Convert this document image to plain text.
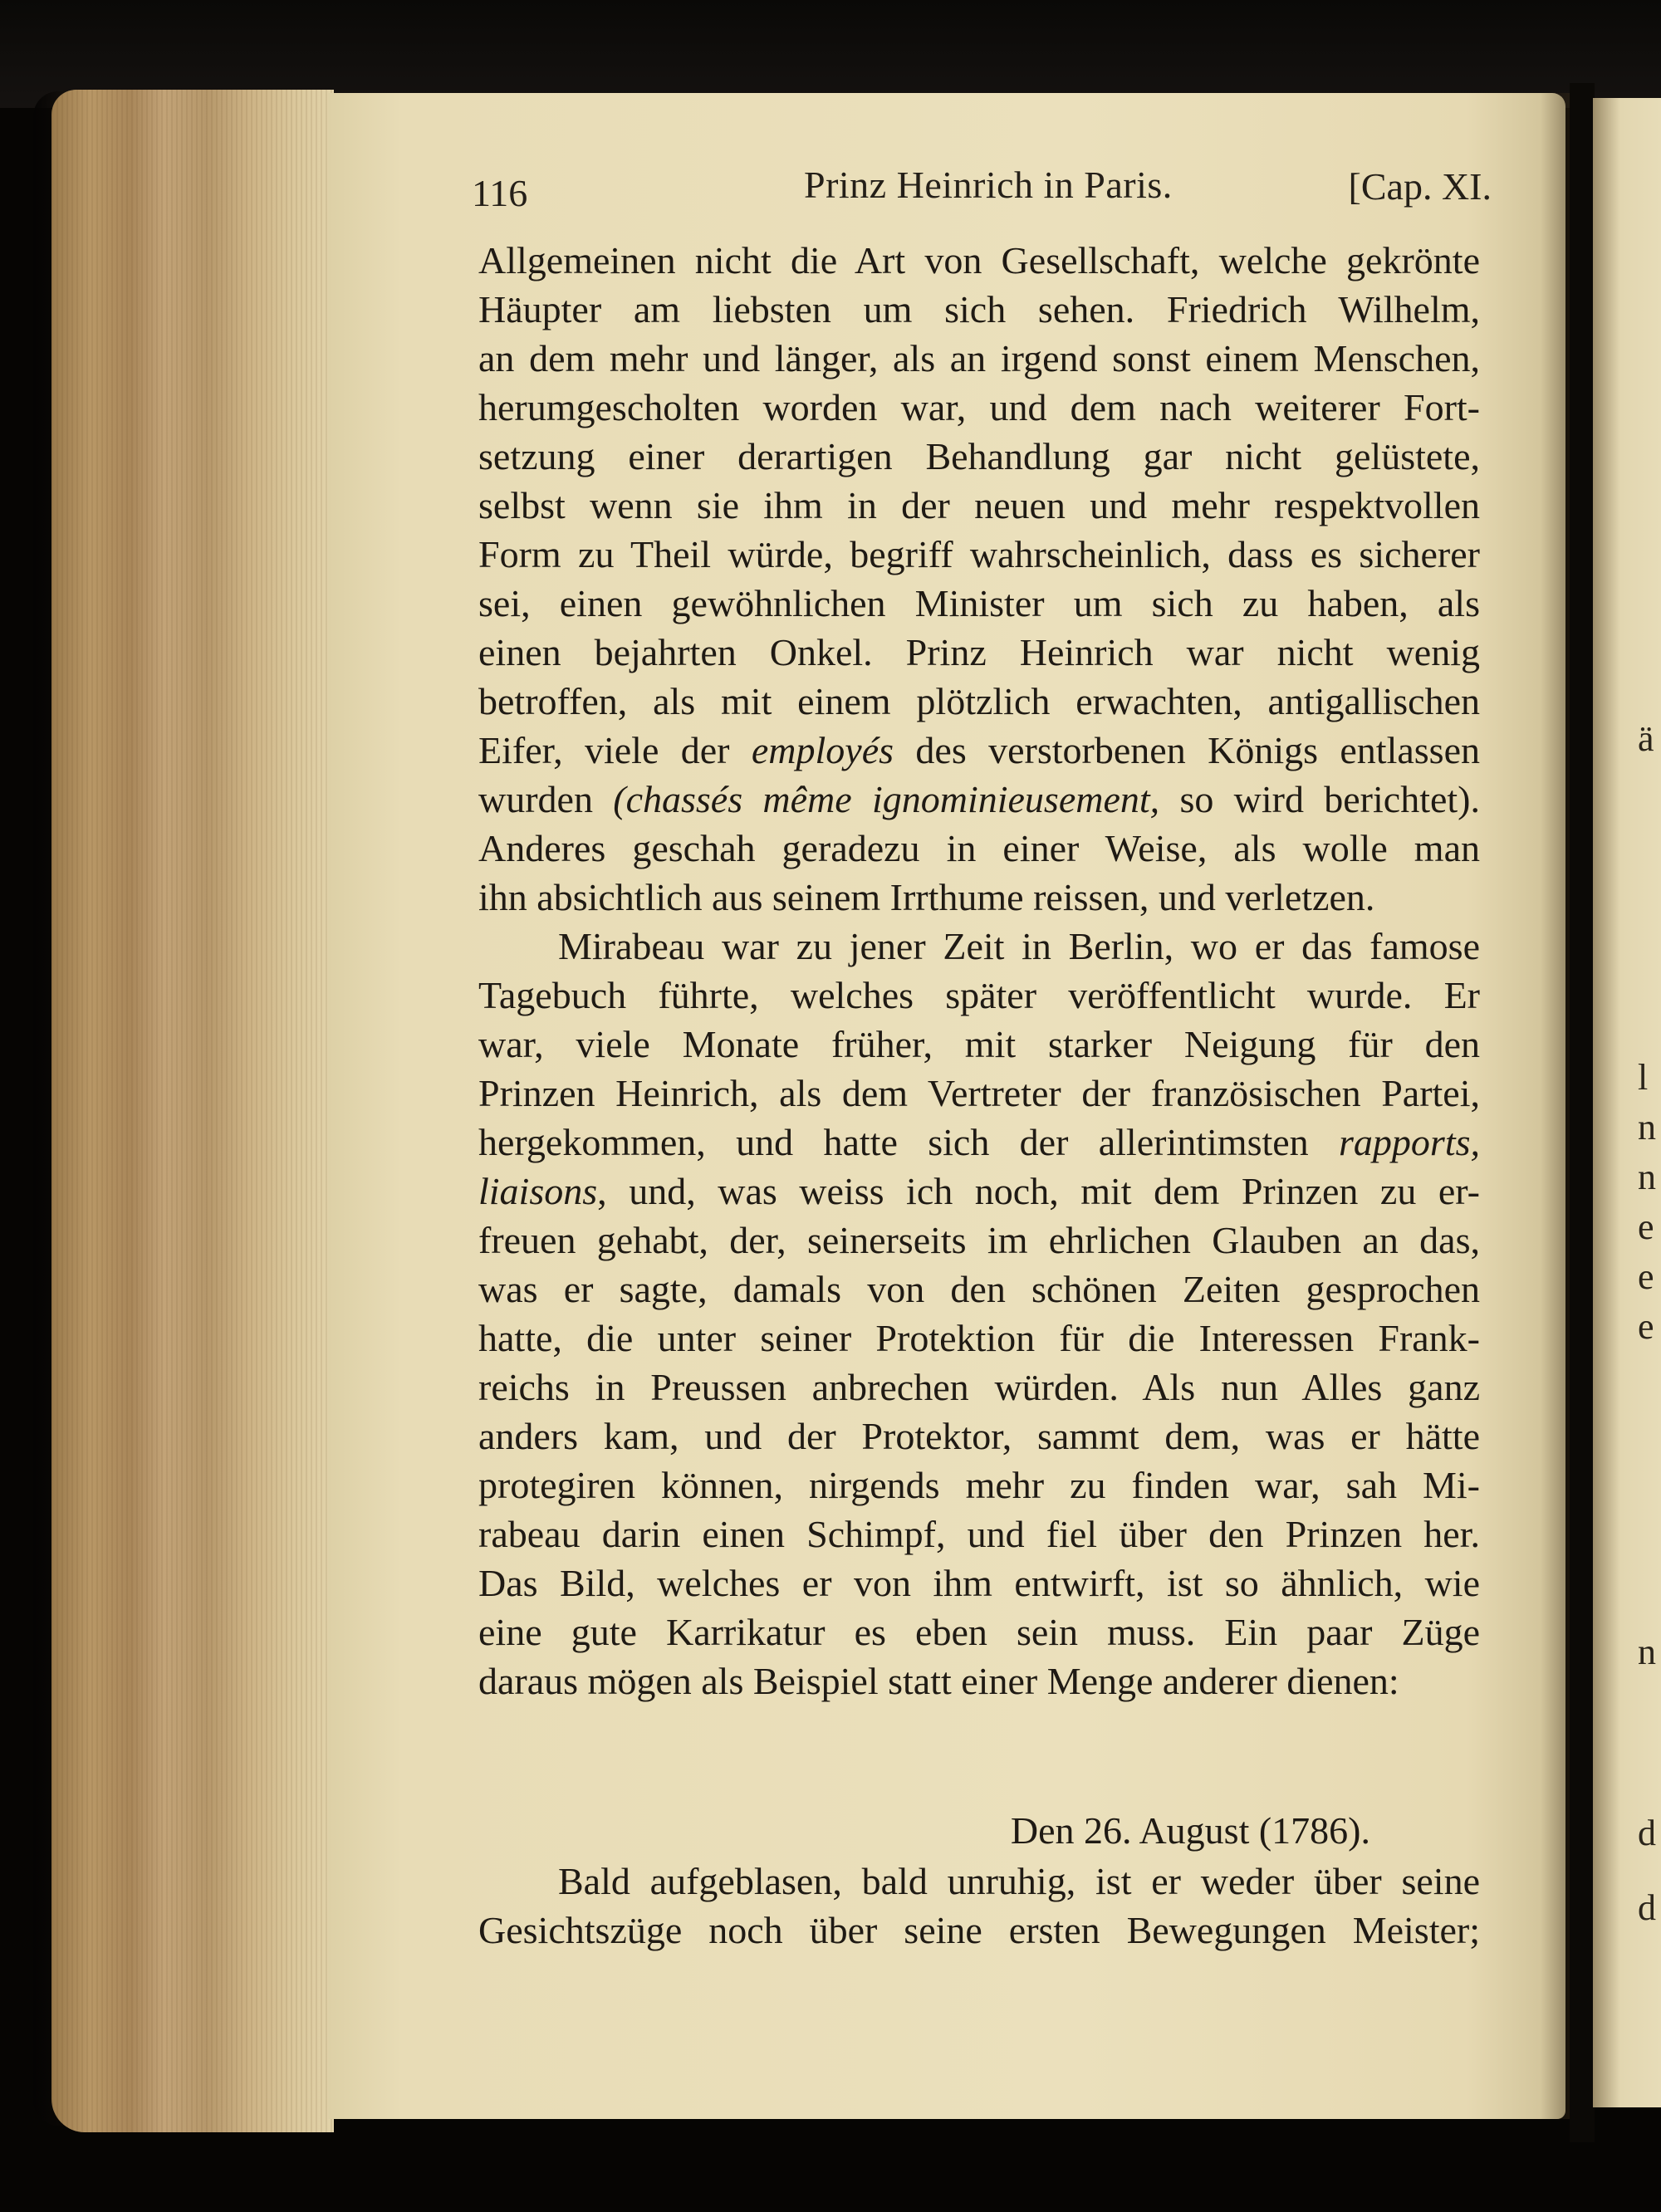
ä
l
n
n
e
e
e
n
d
d
116	Prinz Heinrich in Paris.	[Cap. XI.
Allgemeinen nicht die Art von Gesellschaft, welche gekrönte
Häupter am liebsten um sich sehen. Friedrich Wilhelm,
an dem mehr und länger, als an irgend sonst einem Menschen,
herumgescholten worden war, und dem nach weiterer Fort-
setzung einer derartigen Behandlung gar nicht gelüstete,
selbst wenn sie ihm in der neuen und mehr respektvollen
Form zu Theil würde, begriff wahrscheinlich, dass es sicherer
sei, einen gewöhnlichen Minister um sich zu haben, als
einen bejahrten Onkel. Prinz Heinrich war nicht wenig
betroffen, als mit einem plötzlich erwachten, antigallischen
Eifer, viele der employés des verstorbenen Königs entlassen
wurden (chassés même ignominieusement, so wird berichtet).
Anderes geschah geradezu in einer Weise, als wolle man
ihn absichtlich aus seinem Irrthume reissen, und verletzen.
Mirabeau war zu jener Zeit in Berlin, wo er das famose
Tagebuch führte, welches später veröffentlicht wurde. Er
war, viele Monate früher, mit starker Neigung für den
Prinzen Heinrich, als dem Vertreter der französischen Partei,
hergekommen, und hatte sich der allerintimsten rapports,
liaisons, und, was weiss ich noch, mit dem Prinzen zu er-
freuen gehabt, der, seinerseits im ehrlichen Glauben an das,
was er sagte, damals von den schönen Zeiten gesprochen
hatte, die unter seiner Protektion für die Interessen Frank-
reichs in Preussen anbrechen würden. Als nun Alles ganz
anders kam, und der Protektor, sammt dem, was er hätte
protegiren können, nirgends mehr zu finden war, sah Mi-
rabeau darin einen Schimpf, und fiel über den Prinzen her.
Das Bild, welches er von ihm entwirft, ist so ähnlich, wie
eine gute Karrikatur es eben sein muss. Ein paar Züge
daraus mögen als Beispiel statt einer Menge anderer dienen:
Den 26. August (1786).
Bald aufgeblasen, bald unruhig, ist er weder über seine
Gesichtszüge noch über seine ersten Bewegungen Meister;
